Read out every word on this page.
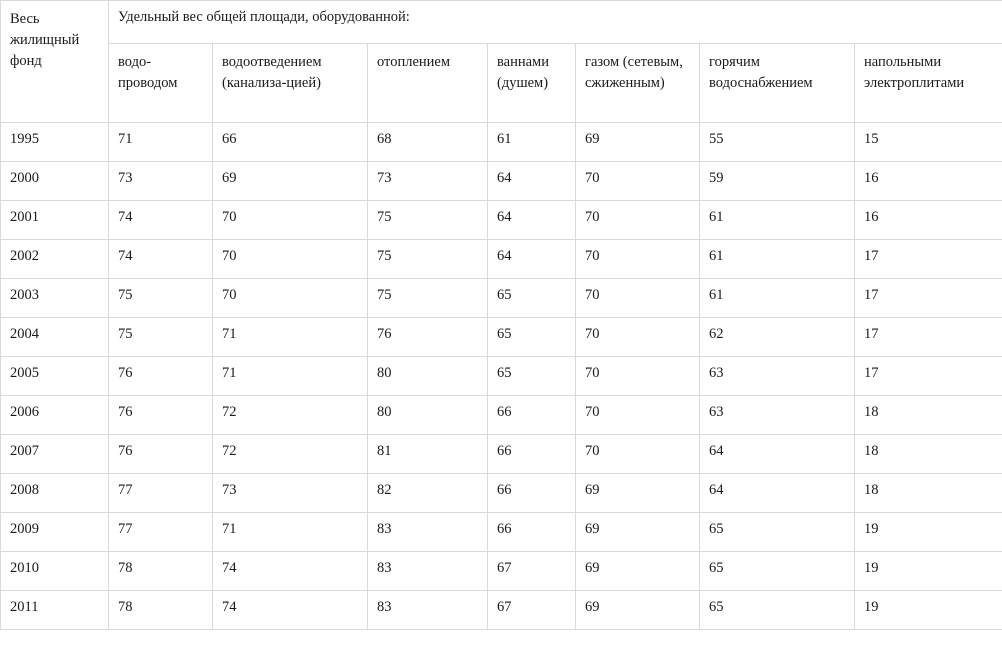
Весь жилищный фонд	Удельный вес общей площади, оборудованной:						
	водо-проводом	водоотведением (канализа-цией)	отоплением	ваннами (душем)	газом (сетевым, сжиженным)	горячим водоснабжением	напольными электроплитами
1995	71	66	68	61	69	55	15
2000	73	69	73	64	70	59	16
2001	74	70	75	64	70	61	16
2002	74	70	75	64	70	61	17
2003	75	70	75	65	70	61	17
2004	75	71	76	65	70	62	17
2005	76	71	80	65	70	63	17
2006	76	72	80	66	70	63	18
2007	76	72	81	66	70	64	18
2008	77	73	82	66	69	64	18
2009	77	71	83	66	69	65	19
2010	78	74	83	67	69	65	19
2011	78	74	83	67	69	65	19
